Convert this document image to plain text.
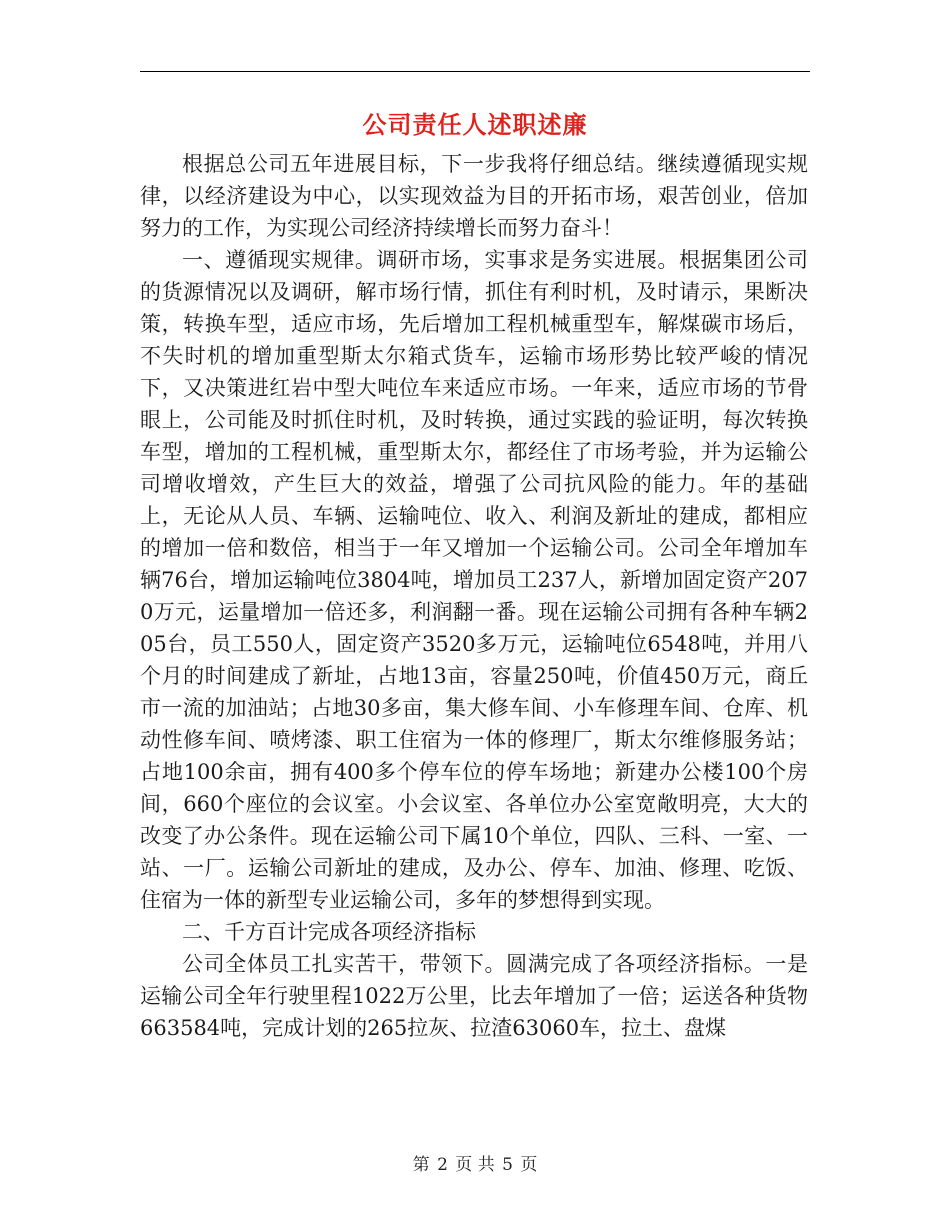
公司责任人述职述廉

根据总公司五年进展目标，下一步我将仔细总结。继续遵循现实规律，以经济建设为中心，以实现效益为目的开拓市场，艰苦创业，倍加努力的工作，为实现公司经济持续增长而努力奋斗！

一、遵循现实规律。调研市场，实事求是务实进展。根据集团公司的货源情况以及调研，解市场行情，抓住有利时机，及时请示，果断决策，转换车型，适应市场，先后增加工程机械重型车，解煤碳市场后，不失时机的增加重型斯太尔箱式货车，运输市场形势比较严峻的情况下，又决策进红岩中型大吨位车来适应市场。一年来，适应市场的节骨眼上，公司能及时抓住时机，及时转换，通过实践的验证明，每次转换车型，增加的工程机械，重型斯太尔，都经住了市场考验，并为运输公司增收增效，产生巨大的效益，增强了公司抗风险的能力。年的基础上，无论从人员、车辆、运输吨位、收入、利润及新址的建成，都相应的增加一倍和数倍，相当于一年又增加一个运输公司。公司全年增加车辆76台，增加运输吨位3804吨，增加员工237人，新增加固定资产2070万元，运量增加一倍还多，利润翻一番。现在运输公司拥有各种车辆205台，员工550人，固定资产3520多万元，运输吨位6548吨，并用八个月的时间建成了新址，占地13亩，容量250吨，价值450万元，商丘市一流的加油站；占地30多亩，集大修车间、小车修理车间、仓库、机动性修车间、喷烤漆、职工住宿为一体的修理厂，斯太尔维修服务站；占地100余亩，拥有400多个停车位的停车场地；新建办公楼100个房间，660个座位的会议室。小会议室、各单位办公室宽敞明亮，大大的改变了办公条件。现在运输公司下属10个单位，四队、三科、一室、一站、一厂。运输公司新址的建成，及办公、停车、加油、修理、吃饭、住宿为一体的新型专业运输公司，多年的梦想得到实现。

二、千方百计完成各项经济指标

公司全体员工扎实苦干，带领下。圆满完成了各项经济指标。一是运输公司全年行驶里程1022万公里，比去年增加了一倍；运送各种货物663584吨，完成计划的265拉灰、拉渣63060车，拉土、盘煤

第 2 页 共 5 页
